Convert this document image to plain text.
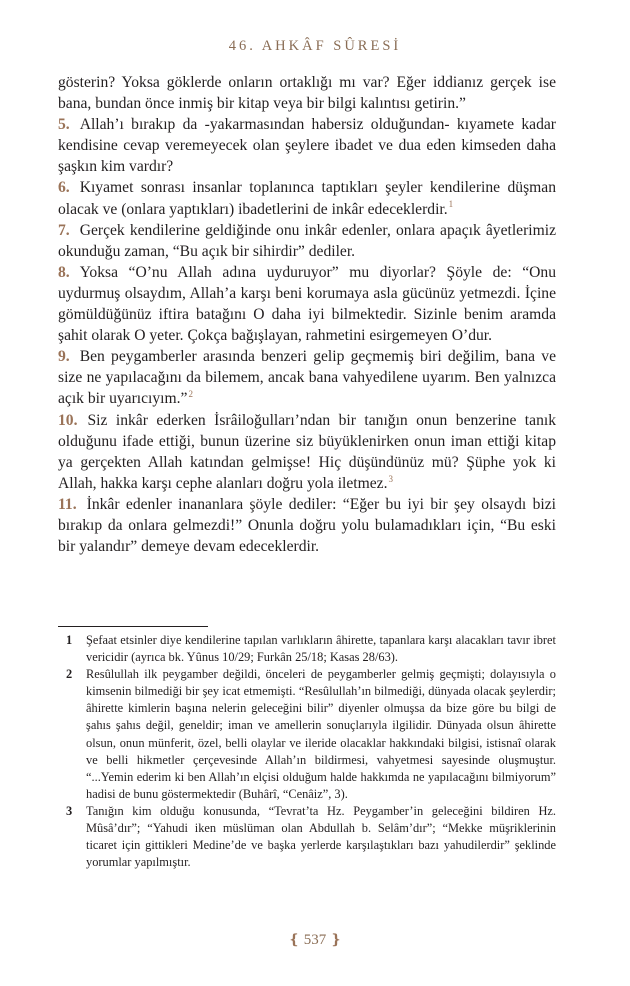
46. AHKÂF SÛRESİ

gösterin? Yoksa göklerde onların ortaklığı mı var? Eğer iddianız gerçek ise bana, bundan önce inmiş bir kitap veya bir bilgi kalıntısı getirin.”

5. Allah’ı bırakıp da -yakarmasından habersiz olduğundan- kıyamete kadar kendisine cevap veremeyecek olan şeylere ibadet ve dua eden kimseden daha şaşkın kim vardır?

6. Kıyamet sonrası insanlar toplanınca taptıkları şeyler kendilerine düşman olacak ve (onlara yaptıkları) ibadetlerini de inkâr edeceklerdir.$^1$

7. Gerçek kendilerine geldiğinde onu inkâr edenler, onlara apaçık âyetlerimiz okunduğu zaman, “Bu açık bir sihirdir” dediler.

8. Yoksa “O’nu Allah adına uyduruyor” mu diyorlar? Şöyle de: “Onu uydurmuş olsaydım, Allah’a karşı beni korumaya asla gücünüz yetmezdi. İçine gömüldüğünüz iftira batağını O daha iyi bilmektedir. Sizinle benim aramda şahit olarak O yeter. Çokça bağışlayan, rahmetini esirgemeyen O’dur.

9. Ben peygamberler arasında benzeri gelip geçmemiş biri değilim, bana ve size ne yapılacağını da bilemem, ancak bana vahyedilene uyarım. Ben yalnızca açık bir uyarıcıyım.”$^2$

10. Siz inkâr ederken İsrâiloğulları’ndan bir tanığın onun benzerine tanık olduğunu ifade ettiği, bunun üzerine siz büyüklenirken onun iman ettiği kitap ya gerçekten Allah katından gelmişse! Hiç düşündünüz mü? Şüphe yok ki Allah, hakka karşı cephe alanları doğru yola iletmez.$^3$

11. İnkâr edenler inananlara şöyle dediler: “Eğer bu iyi bir şey olsaydı bizi bırakıp da onlara gelmezdi!” Onunla doğru yolu bulamadıkları için, “Bu eski bir yalandır” demeye devam edeceklerdir.

1 Şefaat etsinler diye kendilerine tapılan varlıkların âhirette, tapanlara karşı alacakları tavır ibret vericidir (ayrıca bk. Yûnus 10/29; Furkân 25/18; Kasas 28/63).

2 Resûlullah ilk peygamber değildi, önceleri de peygamberler gelmiş geçmişti; dolayısıyla o kimsenin bilmediği bir şey icat etmemişti. “Resûlullah’ın bilmediği, dünyada olacak şeylerdir; âhirette kimlerin başına nelerin geleceğini bilir” diyenler olmuşsa da bize göre bu bilgi de şahıs şahıs değil, geneldir; iman ve amellerin sonuçlarıyla ilgilidir. Dünyada olsun âhirette olsun, onun münferit, özel, belli olaylar ve ileride olacaklar hakkındaki bilgisi, istisnaî olarak ve belli hikmetler çerçevesinde Allah’ın bildirmesi, vahyetmesi sayesinde oluşmuştur. “...Yemin ederim ki ben Allah’ın elçisi olduğum halde hakkımda ne yapılacağını bilmiyorum” hadisi de bunu göstermektedir (Buhârî, “Cenâiz”, 3).

3 Tanığın kim olduğu konusunda, “Tevrat’ta Hz. Peygamber’in geleceğini bildiren Hz. Mûsâ’dır”; “Yahudi iken müslüman olan Abdullah b. Selâm’dır”; “Mekke müşriklerinin ticaret için gittikleri Medine’de ve başka yerlerde karşılaştıkları bazı yahudilerdir” şeklinde yorumlar yapılmıştır.

❴ 537 ❵
